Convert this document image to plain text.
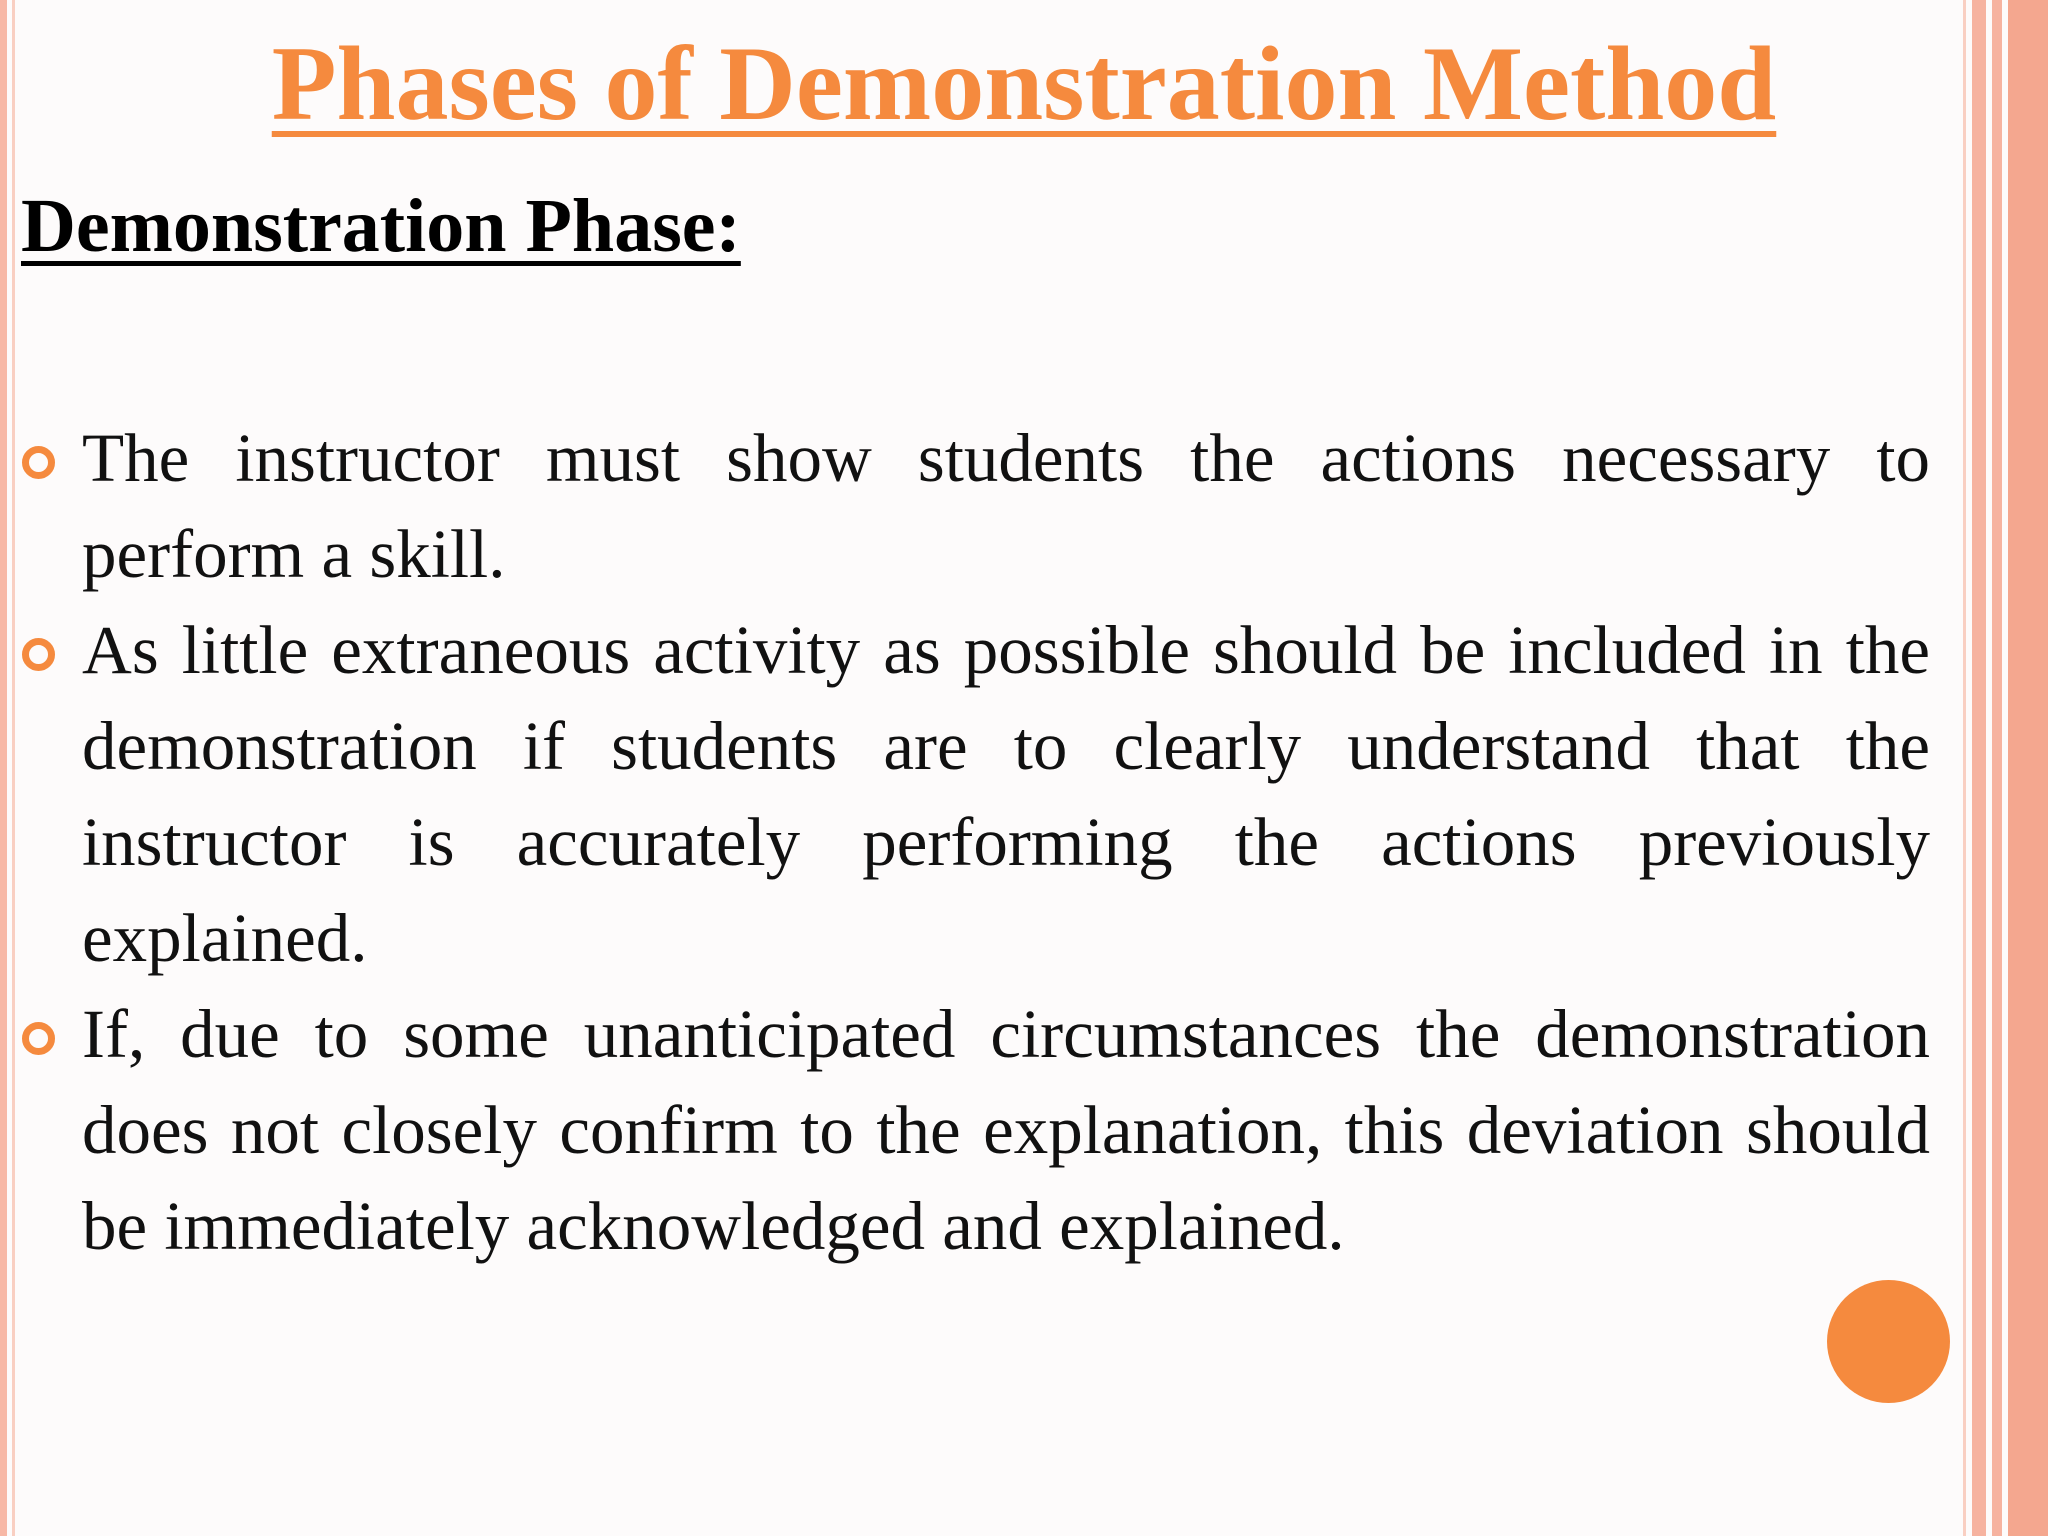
Phases of Demonstration Method
Demonstration Phase:
The instructor must show students the actions necessary to perform a skill.
As little extraneous activity as possible should be included in the demonstration if students are to clearly understand that the instructor is accurately performing the actions previously explained.
If, due to some unanticipated circumstances the demonstration does not closely confirm to the explanation, this deviation should be immediately acknowledged and explained.
